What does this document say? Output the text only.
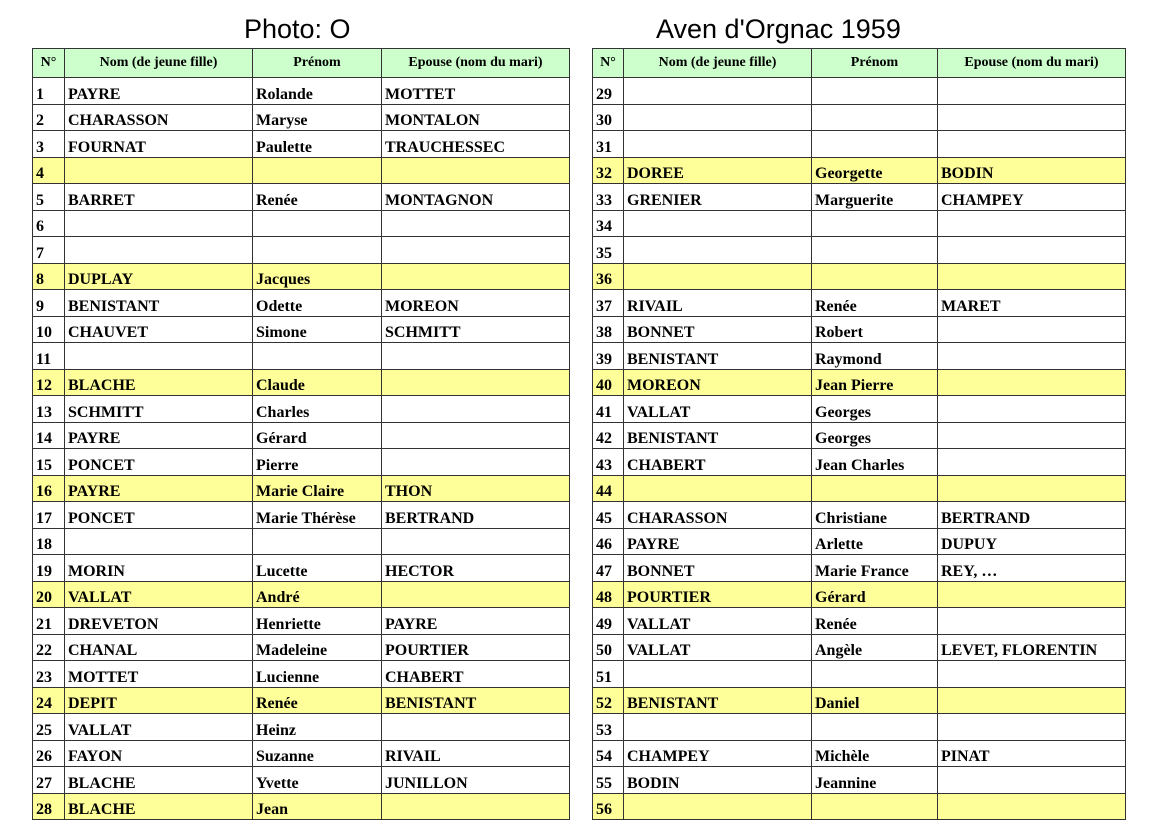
Photo: O	Aven d'Orgnac 1959
N°	Nom (de jeune fille)	Prénom	Epouse (nom du mari)
1	PAYRE	Rolande	MOTTET
2	CHARASSON	Maryse	MONTALON
3	FOURNAT	Paulette	TRAUCHESSEC
4			
5	BARRET	Renée	MONTAGNON
6			
7			
8	DUPLAY	Jacques	
9	BENISTANT	Odette	MOREON
10	CHAUVET	Simone	SCHMITT
11			
12	BLACHE	Claude	
13	SCHMITT	Charles	
14	PAYRE	Gérard	
15	PONCET	Pierre	
16	PAYRE	Marie Claire	THON
17	PONCET	Marie Thérèse	BERTRAND
18			
19	MORIN	Lucette	HECTOR
20	VALLAT	André	
21	DREVETON	Henriette	PAYRE
22	CHANAL	Madeleine	POURTIER
23	MOTTET	Lucienne	CHABERT
24	DEPIT	Renée	BENISTANT
25	VALLAT	Heinz	
26	FAYON	Suzanne	RIVAIL
27	BLACHE	Yvette	JUNILLON
28	BLACHE	Jean	
N°	Nom (de jeune fille)	Prénom	Epouse (nom du mari)
29			
30			
31			
32	DOREE	Georgette	BODIN
33	GRENIER	Marguerite	CHAMPEY
34			
35			
36			
37	RIVAIL	Renée	MARET
38	BONNET	Robert	
39	BENISTANT	Raymond	
40	MOREON	Jean Pierre	
41	VALLAT	Georges	
42	BENISTANT	Georges	
43	CHABERT	Jean Charles	
44			
45	CHARASSON	Christiane	BERTRAND
46	PAYRE	Arlette	DUPUY
47	BONNET	Marie France	REY, …
48	POURTIER	Gérard	
49	VALLAT	Renée	
50	VALLAT	Angèle	LEVET, FLORENTIN
51			
52	BENISTANT	Daniel	
53			
54	CHAMPEY	Michèle	PINAT
55	BODIN	Jeannine	
56			
